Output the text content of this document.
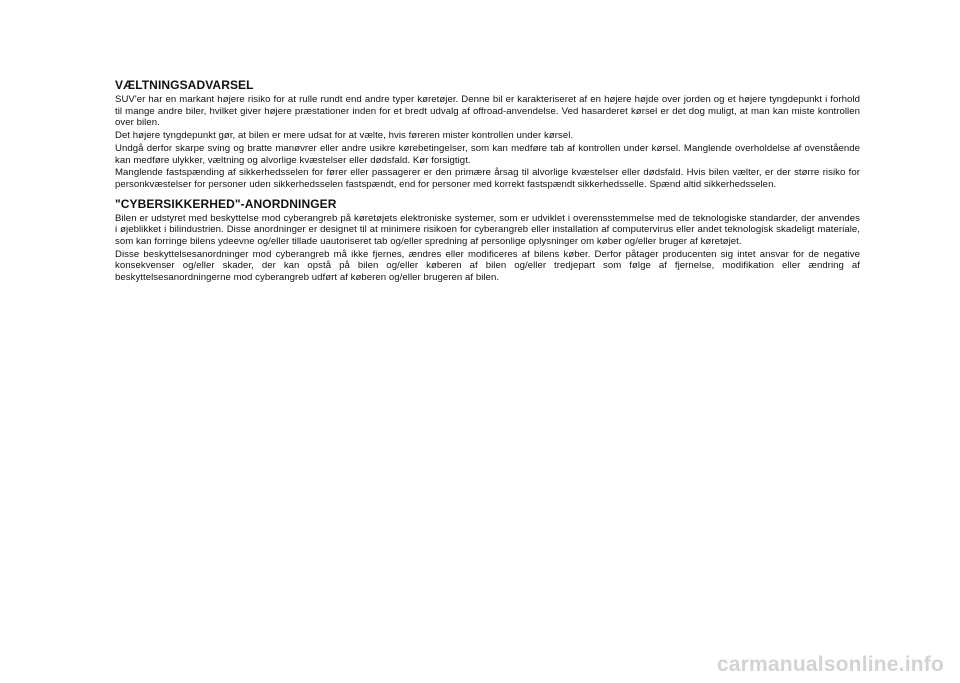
VÆLTNINGSADVARSEL

SUV'er har en markant højere risiko for at rulle rundt end andre typer køretøjer. Denne bil er karakteriseret af en højere højde over jorden og et højere tyngdepunkt i forhold til mange andre biler, hvilket giver højere præstationer inden for et bredt udvalg af offroad-anvendelse. Ved hasarderet kørsel er det dog muligt, at man kan miste kontrollen over bilen.

Det højere tyngdepunkt gør, at bilen er mere udsat for at vælte, hvis føreren mister kontrollen under kørsel.

Undgå derfor skarpe sving og bratte manøvrer eller andre usikre kørebetingelser, som kan medføre tab af kontrollen under kørsel. Manglende overholdelse af ovenstående kan medføre ulykker, væltning og alvorlige kvæstelser eller dødsfald. Kør forsigtigt.

Manglende fastspænding af sikkerhedsselen for fører eller passagerer er den primære årsag til alvorlige kvæstelser eller dødsfald. Hvis bilen vælter, er der større risiko for personkvæstelser for personer uden sikkerhedsselen fastspændt, end for personer med korrekt fastspændt sikkerhedsselle. Spænd altid sikkerhedsselen.

"CYBERSIKKERHED"-ANORDNINGER

Bilen er udstyret med beskyttelse mod cyberangreb på køretøjets elektroniske systemer, som er udviklet i overensstemmelse med de teknologiske standarder, der anvendes i øjeblikket i bilindustrien. Disse anordninger er designet til at minimere risikoen for cyberangreb eller installation af computervirus eller andet teknologisk skadeligt materiale, som kan forringe bilens ydeevne og/eller tillade uautoriseret tab og/eller spredning af personlige oplysninger om køber og/eller bruger af køretøjet.

Disse beskyttelsesanordninger mod cyberangreb må ikke fjernes, ændres eller modificeres af bilens køber. Derfor påtager producenten sig intet ansvar for de negative konsekvenser og/eller skader, der kan opstå på bilen og/eller køberen af bilen og/eller tredjepart som følge af fjernelse, modifikation eller ændring af beskyttelsesanordningerne mod cyberangreb udført af køberen og/eller brugeren af bilen.

carmanualsonline.info
